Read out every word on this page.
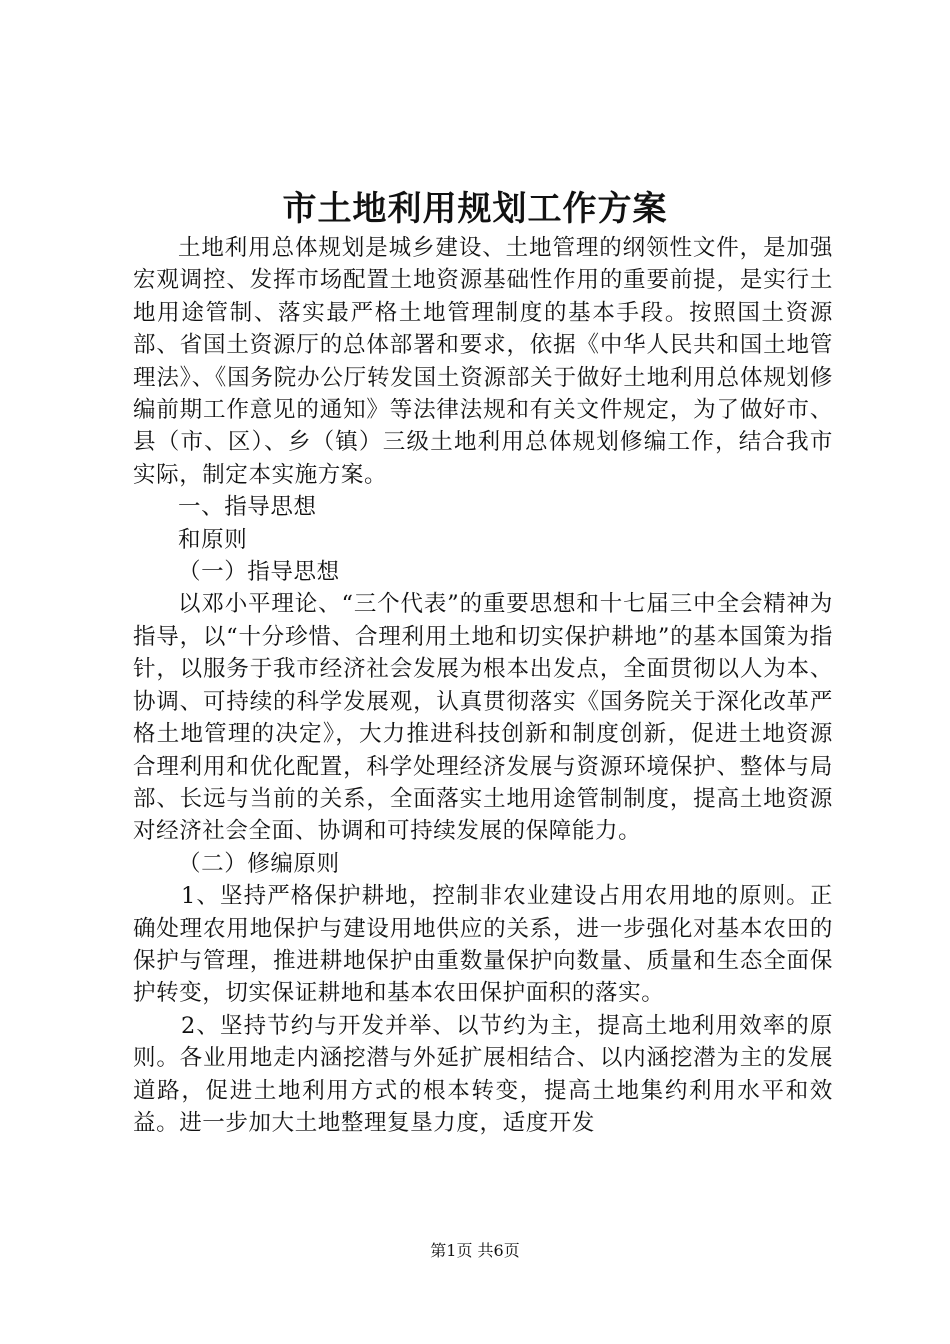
市土地利用规划工作方案

土地利用总体规划是城乡建设、土地管理的纲领性文件，是加强宏观调控、发挥市场配置土地资源基础性作用的重要前提，是实行土地用途管制、落实最严格土地管理制度的基本手段。按照国土资源部、省国土资源厅的总体部署和要求，依据《中华人民共和国土地管理法》、《国务院办公厅转发国土资源部关于做好土地利用总体规划修编前期工作意见的通知》等法律法规和有关文件规定，为了做好市、县（市、区）、乡（镇）三级土地利用总体规划修编工作，结合我市实际，制定本实施方案。

一、指导思想

和原则

（一）指导思想

以邓小平理论、“三个代表”的重要思想和十七届三中全会精神为指导，以“十分珍惜、合理利用土地和切实保护耕地”的基本国策为指针，以服务于我市经济社会发展为根本出发点，全面贯彻以人为本、协调、可持续的科学发展观，认真贯彻落实《国务院关于深化改革严格土地管理的决定》，大力推进科技创新和制度创新，促进土地资源合理利用和优化配置，科学处理经济发展与资源环境保护、整体与局部、长远与当前的关系，全面落实土地用途管制制度，提高土地资源对经济社会全面、协调和可持续发展的保障能力。

（二）修编原则

1、坚持严格保护耕地，控制非农业建设占用农用地的原则。正确处理农用地保护与建设用地供应的关系，进一步强化对基本农田的保护与管理，推进耕地保护由重数量保护向数量、质量和生态全面保护转变，切实保证耕地和基本农田保护面积的落实。

2、坚持节约与开发并举、以节约为主，提高土地利用效率的原则。各业用地走内涵挖潜与外延扩展相结合、以内涵挖潜为主的发展道路，促进土地利用方式的根本转变，提高土地集约利用水平和效益。进一步加大土地整理复垦力度，适度开发

第1页 共6页
